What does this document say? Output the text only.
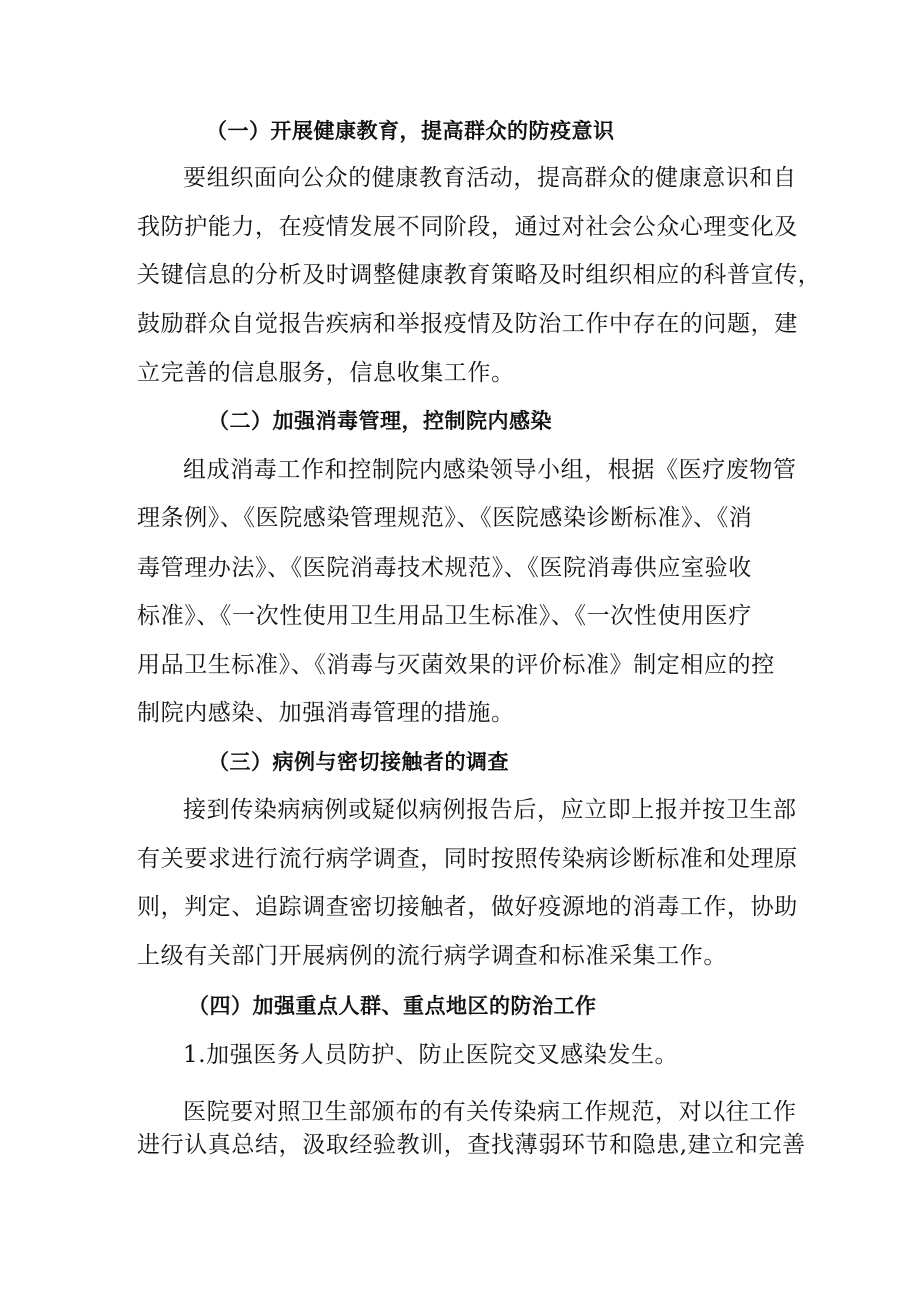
（一）开展健康教育，提高群众的防疫意识
要组织面向公众的健康教育活动，提高群众的健康意识和自
我防护能力，在疫情发展不同阶段，通过对社会公众心理变化及
关键信息的分析及时调整健康教育策略及时组织相应的科普宣传，
鼓励群众自觉报告疾病和举报疫情及防治工作中存在的问题，建
立完善的信息服务，信息收集工作。
（二）加强消毒管理，控制院内感染
组成消毒工作和控制院内感染领导小组，根据《医疗废物管
理条例》、《医院感染管理规范》、《医院感染诊断标准》、《消
毒管理办法》、《医院消毒技术规范》、《医院消毒供应室验收
标准》、《一次性使用卫生用品卫生标准》、《一次性使用医疗
用品卫生标准》、《消毒与灭菌效果的评价标准》制定相应的控
制院内感染、加强消毒管理的措施。
（三）病例与密切接触者的调查
接到传染病病例或疑似病例报告后，应立即上报并按卫生部
有关要求进行流行病学调查，同时按照传染病诊断标准和处理原
则，判定、追踪调查密切接触者，做好疫源地的消毒工作，协助
上级有关部门开展病例的流行病学调查和标准采集工作。
（四）加强重点人群、重点地区的防治工作
1.加强医务人员防护、防止医院交叉感染发生。
医院要对照卫生部颁布的有关传染病工作规范，对以往工作
进行认真总结，汲取经验教训，查找薄弱环节和隐患,建立和完善
